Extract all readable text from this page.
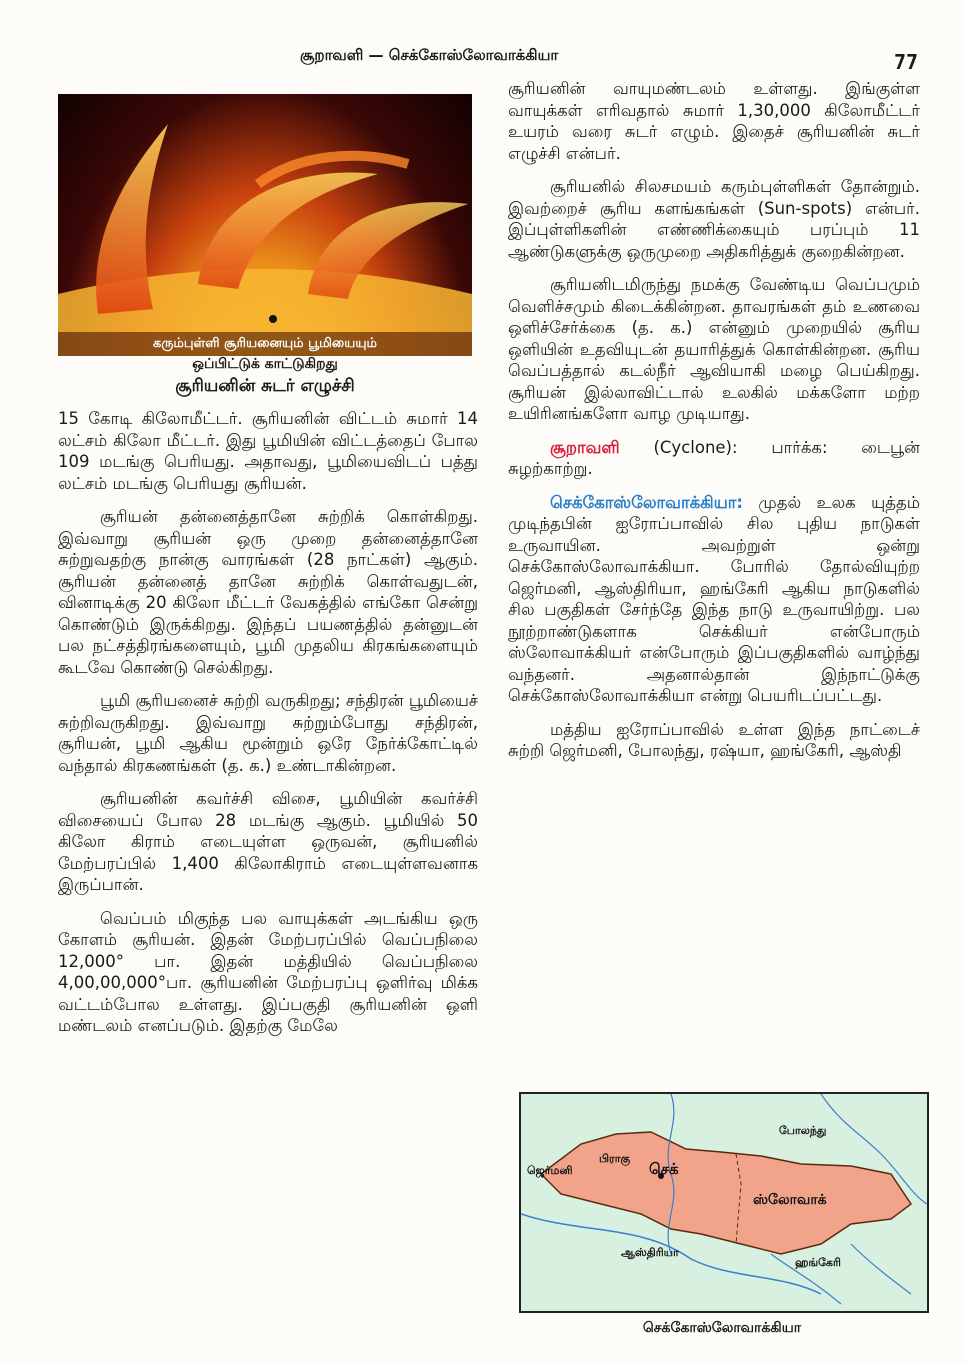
சூறாவளி — செக்கோஸ்லோவாக்கியா	77
கரும்புள்ளி சூரியனையும் பூமியையும்
ஒப்பிட்டுக் காட்டுகிறது
சூரியனின் சுடர் எழுச்சி

15 கோடி கிலோமீட்டர். சூரியனின் விட்டம் சுமார் 14 லட்சம் கிலோ மீட்டர். இது பூமியின் விட்டத்தைப் போல 109 மடங்கு பெரியது. அதாவது, பூமியைவிடப் பத்து லட்சம் மடங்கு பெரியது சூரியன்.

சூரியன் தன்னைத்தானே சுற்றிக் கொள்கிறது. இவ்வாறு சூரியன் ஒரு முறை தன்னைத்தானே சுற்றுவதற்கு நான்கு வாரங்கள் (28 நாட்கள்) ஆகும். சூரியன் தன்னைத் தானே சுற்றிக் கொள்வதுடன், வினாடிக்கு 20 கிலோ மீட்டர் வேகத்தில் எங்கோ சென்று கொண்டும் இருக்கிறது. இந்தப் பயணத்தில் தன்னுடன் பல நட்சத்திரங்களையும், பூமி முதலிய கிரகங்களையும் கூடவே கொண்டு செல்கிறது.

பூமி சூரியனைச் சுற்றி வருகிறது; சந்திரன் பூமியைச் சுற்றிவருகிறது. இவ்வாறு சுற்றும்போது சந்திரன், சூரியன், பூமி ஆகிய மூன்றும் ஒரே நேர்க்கோட்டில் வந்தால் கிரகணங்கள் (த. க.) உண்டாகின்றன.

சூரியனின் கவர்ச்சி விசை, பூமியின் கவர்ச்சி விசையைப் போல 28 மடங்கு ஆகும். பூமியில் 50 கிலோ கிராம் எடையுள்ள ஒருவன், சூரியனில் மேற்பரப்பில் 1,400 கிலோகிராம் எடையுள்ளவனாக இருப்பான்.

வெப்பம் மிகுந்த பல வாயுக்கள் அடங்கிய ஒரு கோளம் சூரியன். இதன் மேற்பரப்பில் வெப்பநிலை 12,000° பா. இதன் மத்தியில் வெப்பநிலை 4,00,00,000°பா. சூரியனின் மேற்பரப்பு ஒளிர்வு மிக்க வட்டம்போல உள்ளது. இப்பகுதி சூரியனின் ஒளி மண்டலம் எனப்படும். இதற்கு மேலே

சூரியனின் வாயுமண்டலம் உள்ளது. இங்குள்ள வாயுக்கள் எரிவதால் சுமார் 1,30,000 கிலோமீட்டர் உயரம் வரை சுடர் எழும். இதைச் சூரியனின் சுடர் எழுச்சி என்பர்.

சூரியனில் சிலசமயம் கரும்புள்ளிகள் தோன்றும். இவற்றைச் சூரிய களங்கங்கள் (Sun-spots) என்பர். இப்புள்ளிகளின் எண்ணிக்கையும் பரப்பும் 11 ஆண்டுகளுக்கு ஒருமுறை அதிகரித்துக் குறைகின்றன.

சூரியனிடமிருந்து நமக்கு வேண்டிய வெப்பமும் வெளிச்சமும் கிடைக்கின்றன. தாவரங்கள் தம் உணவை ஒளிச்சேர்க்கை (த. க.) என்னும் முறையில் சூரிய ஒளியின் உதவியுடன் தயாரித்துக் கொள்கின்றன. சூரிய வெப்பத்தால் கடல்நீர் ஆவியாகி மழை பெய்கிறது. சூரியன் இல்லாவிட்டால் உலகில் மக்களோ மற்ற உயிரினங்களோ வாழ முடியாது.

சூறாவளி (Cyclone): பார்க்க: டைபூன் சுழற்காற்று.

செக்கோஸ்லோவாக்கியா: முதல் உலக யுத்தம் முடிந்தபின் ஐரோப்பாவில் சில புதிய நாடுகள் உருவாயின. அவற்றுள் ஒன்று செக்கோஸ்லோவாக்கியா. போரில் தோல்வியுற்ற ஜெர்மனி, ஆஸ்திரியா, ஹங்கேரி ஆகிய நாடுகளில் சில பகுதிகள் சேர்ந்தே இந்த நாடு உருவாயிற்று. பல நூற்றாண்டுகளாக செக்கியர் என்போரும் ஸ்லோவாக்கியர் என்போரும் இப்பகுதிகளில் வாழ்ந்து வந்தனர். அதனால்தான் இந்நாட்டுக்கு செக்கோஸ்லோவாக்கியா என்று பெயரிடப்பட்டது.

மத்திய ஐரோப்பாவில் உள்ள இந்த நாட்டைச் சுற்றி ஜெர்மனி, போலந்து, ரஷ்யா, ஹங்கேரி, ஆஸ்தி

போலந்து
ஜெர்மனி
பிராகு
செக்
ஸ்லோவாக்
ஆஸ்திரியா
ஹங்கேரி
செக்கோஸ்லோவாக்கியா
